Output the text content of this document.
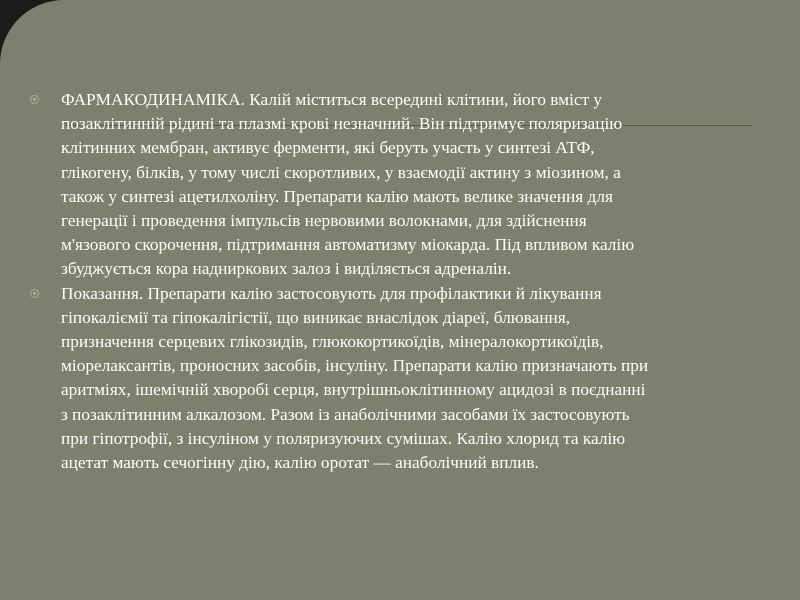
ФАРМАКОДИНАМІКА. Калій міститься всередині клітини, його вміст у позаклітинній рідині та плазмі крові незначний. Він підтримує поляризацію клітинних мембран, активує ферменти, які беруть участь у синтезі АТФ, глікогену, білків, у тому числі скоротливих, у взаємодії актину з міозином, а також у синтезі ацетилхоліну. Препарати калію мають велике значення для генерації і проведення імпульсів нервовими волокнами, для здійснення м'язового скорочення, підтримання автоматизму міокарда. Під впливом калію збуджується кора надниркових залоз і виділяється адреналін.
Показання. Препарати калію застосовують для профілактики й лікування гіпокаліємії та гіпокалігістії, що виникає внаслідок діареї, блювання, призначення серцевих глікозидів, глюкокортикоїдів, мінералокортикоїдів, міорелаксантів, проносних засобів, інсуліну. Препарати калію призначають при аритміях, ішемічній хворобі серця, внутрішньоклітинному ацидозі в поєднанні з позаклітинним алкалозом. Разом із анаболічними засобами їх застосовують при гіпотрофії, з інсуліном у поляризуючих сумішах. Калію хлорид та калію ацетат мають сечогінну дію, калію оротат — анаболічний вплив.
